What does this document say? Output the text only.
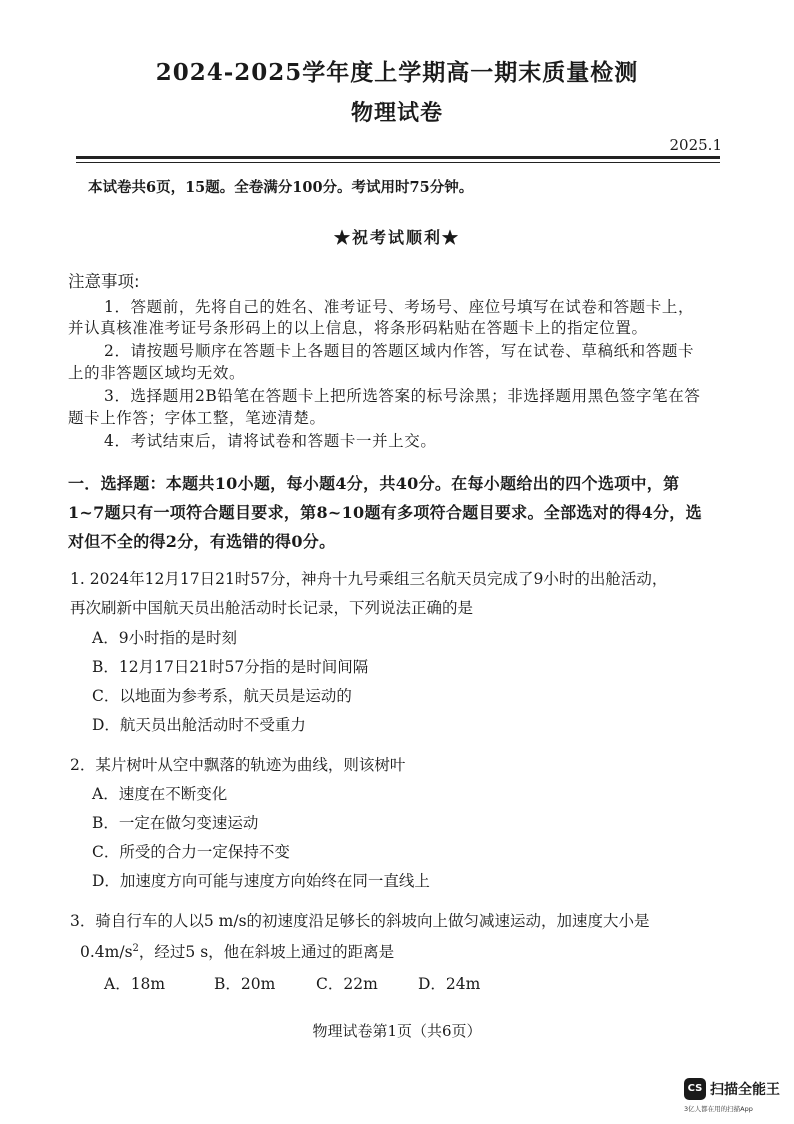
2024-2025学年度上学期高一期末质量检测
物理试卷
2025.1
本试卷共6页，15题。全卷满分100分。考试用时75分钟。
★祝考试顺利★
注意事项:
1．答题前，先将自己的姓名、准考证号、考场号、座位号填写在试卷和答题卡上，
并认真核准准考证号条形码上的以上信息，将条形码粘贴在答题卡上的指定位置。
2．请按题号顺序在答题卡上各题目的答题区域内作答，写在试卷、草稿纸和答题卡
上的非答题区域均无效。
3．选择题用2B铅笔在答题卡上把所选答案的标号涂黑；非选择题用黑色签字笔在答
题卡上作答；字体工整，笔迹清楚。
4．考试结束后，请将试卷和答题卡一并上交。
一．选择题：本题共10小题，每小题4分，共40分。在每小题给出的四个选项中，第
1~7题只有一项符合题目要求，第8~10题有多项符合题目要求。全部选对的得4分，选
对但不全的得2分，有选错的得0分。
1. 2024年12月17日21时57分，神舟十九号乘组三名航天员完成了9小时的出舱活动，
再次刷新中国航天员出舱活动时长记录，下列说法正确的是
A．9小时指的是时刻
B．12月17日21时57分指的是时间间隔
C．以地面为参考系，航天员是运动的
D．航天员出舱活动时不受重力
2．某片树叶从空中飘落的轨迹为曲线，则该树叶
A．速度在不断变化
B．一定在做匀变速运动
C．所受的合力一定保持不变
D．加速度方向可能与速度方向始终在同一直线上
3．骑自行车的人以5 m/s的初速度沿足够长的斜坡向上做匀减速运动，加速度大小是
$0.4m/s^2$，经过5 s，他在斜坡上通过的距离是
A．18m	B．20m	C．22m	D．24m
物理试卷第1页（共6页）
CS 扫描全能王
3亿人都在用的扫描App
